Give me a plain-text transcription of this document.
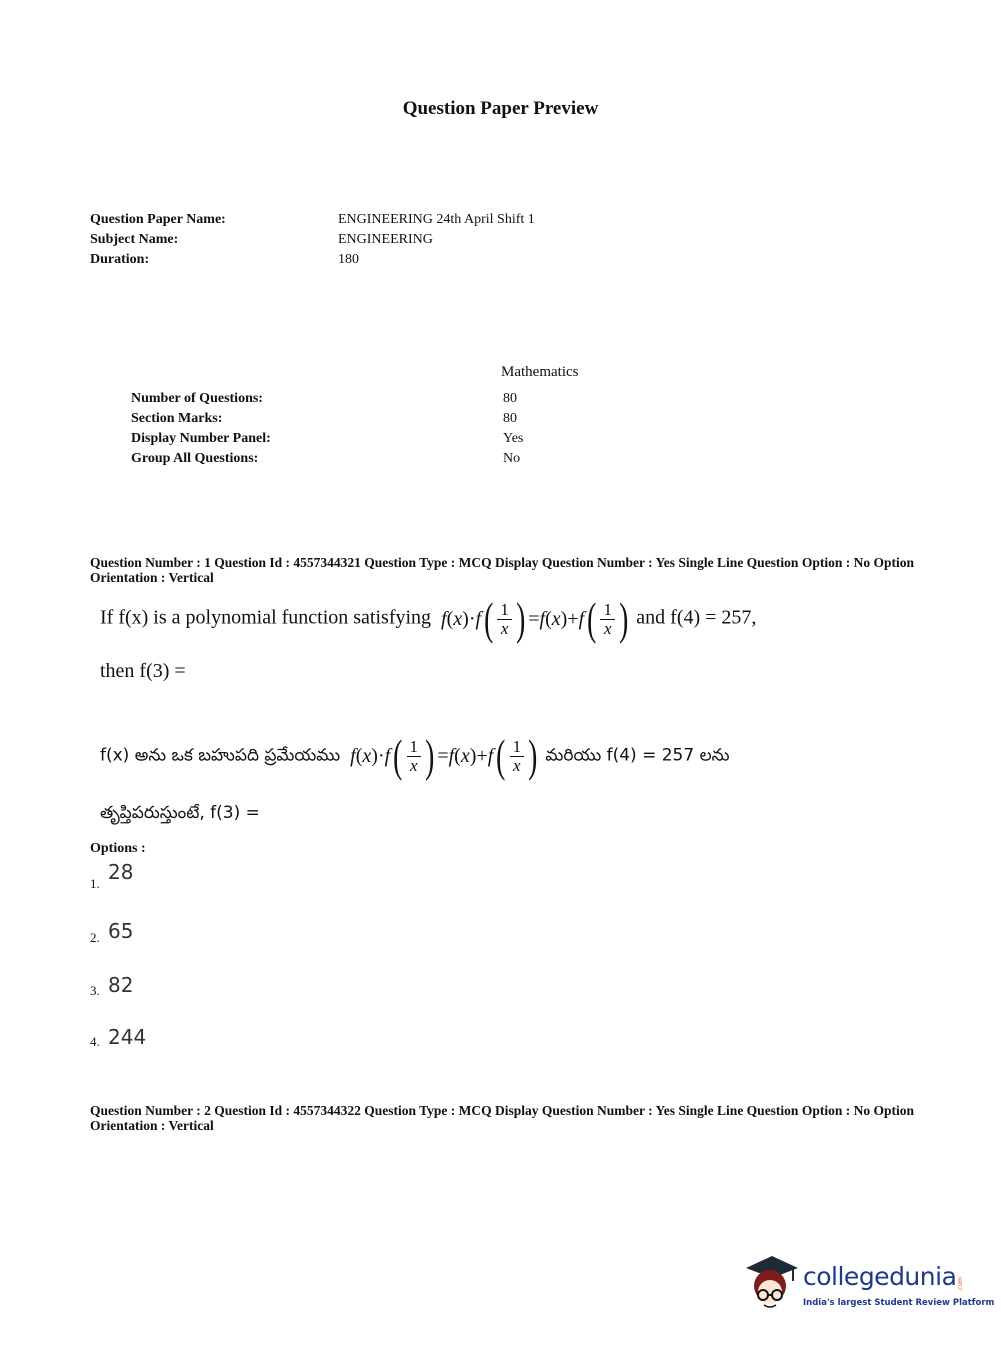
Question Paper Preview
Question Paper Name:	ENGINEERING 24th April Shift 1
Subject Name:	ENGINEERING
Duration:	180
Mathematics
Number of Questions:	80
Section Marks:	80
Display Number Panel:	Yes
Group All Questions:	No
Question Number : 1 Question Id : 4557344321 Question Type : MCQ Display Question Number : Yes Single Line Question Option : No Option Orientation : Vertical
If f(x) is a polynomial function satisfying f(x)·f ( $\frac{1}{x}$ ) =f(x)+f ( $\frac{1}{x}$ ) and f(4) = 257,
then f(3) =
f(x) అను ఒక బహుపది ప్రమేయము f(x)·f ( $\frac{1}{x}$ ) =f(x)+f ( $\frac{1}{x}$ ) మరియు f(4) = 257 లను
తృప్తిపరుస్తుంటే, f(3) =
Options :
1. 28
2. 65
3. 82
4. 244
Question Number : 2 Question Id : 4557344322 Question Type : MCQ Display Question Number : Yes Single Line Question Option : No Option Orientation : Vertical
collegedunia .com
India's largest Student Review Platform
